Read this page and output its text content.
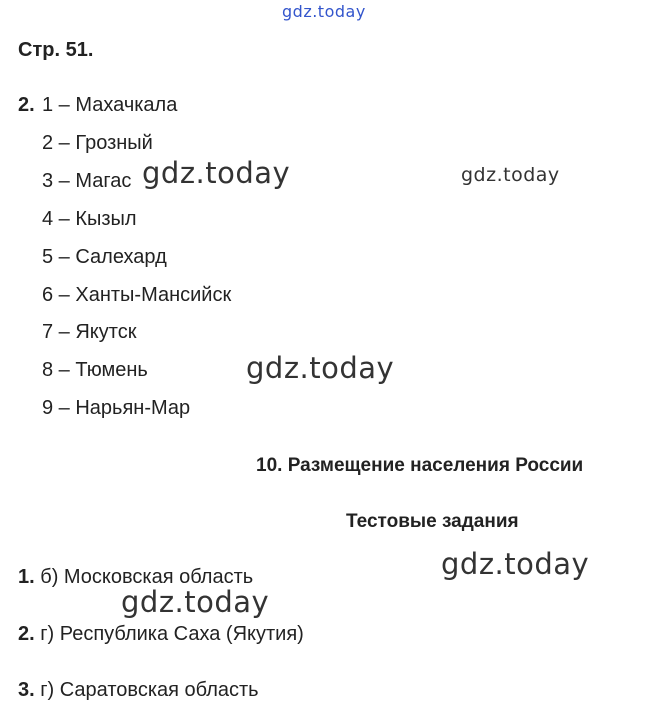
gdz.today
Стр. 51.
2. 1 – Махачкала
2 – Грозный
3 – Магас
4 – Кызыл
5 – Салехард
6 – Ханты-Мансийск
7 – Якутск
8 – Тюмень
9 – Нарьян-Мар
gdz.today	gdz.today
gdz.today
10. Размещение населения России
Тестовые задания
gdz.today
gdz.today
1. б) Московская область
2. г) Республика Саха (Якутия)
3. г) Саратовская область
